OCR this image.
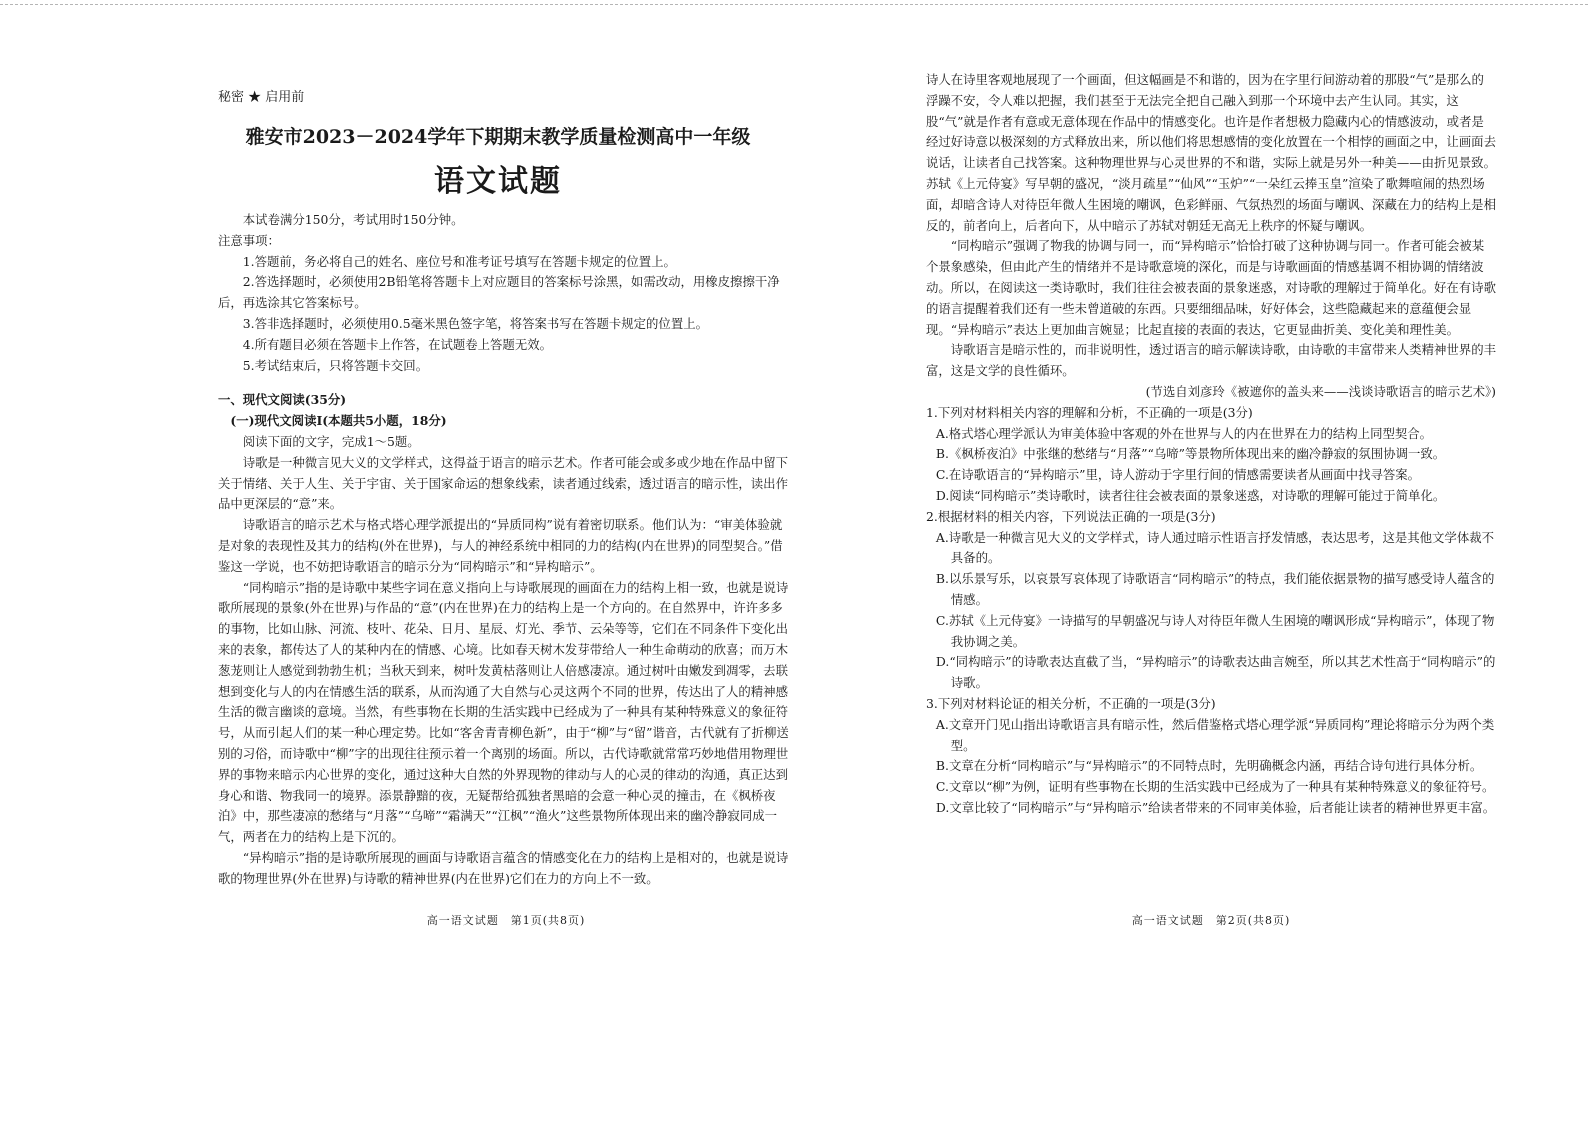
秘密 ★ 启用前
雅安市2023－2024学年下期期末教学质量检测高中一年级
语文试题

本试卷满分150分，考试用时150分钟。

注意事项：

1.答题前，务必将自己的姓名、座位号和准考证号填写在答题卡规定的位置上。

2.答选择题时，必须使用2B铅笔将答题卡上对应题目的答案标号涂黑，如需改动，用橡皮擦擦干净后，再选涂其它答案标号。

3.答非选择题时，必须使用0.5毫米黑色签字笔，将答案书写在答题卡规定的位置上。

4.所有题目必须在答题卡上作答，在试题卷上答题无效。

5.考试结束后，只将答题卡交回。

一、现代文阅读(35分)

(一)现代文阅读Ⅰ(本题共5小题，18分)

阅读下面的文字，完成1～5题。

诗歌是一种微言见大义的文学样式，这得益于语言的暗示艺术。作者可能会或多或少地在作品中留下关于情绪、关于人生、关于宇宙、关于国家命运的想象线索，读者通过线索，透过语言的暗示性，读出作品中更深层的“意”来。

诗歌语言的暗示艺术与格式塔心理学派提出的“异质同构”说有着密切联系。他们认为：“审美体验就是对象的表现性及其力的结构(外在世界)，与人的神经系统中相同的力的结构(内在世界)的同型契合。”借鉴这一学说，也不妨把诗歌语言的暗示分为“同构暗示”和“异构暗示”。

“同构暗示”指的是诗歌中某些字词在意义指向上与诗歌展现的画面在力的结构上相一致，也就是说诗歌所展现的景象(外在世界)与作品的“意”(内在世界)在力的结构上是一个方向的。在自然界中，许许多多的事物，比如山脉、河流、枝叶、花朵、日月、星辰、灯光、季节、云朵等等，它们在不同条件下变化出来的表象，都传达了人的某种内在的情感、心境。比如春天树木发芽带给人一种生命萌动的欣喜；而万木葱茏则让人感觉到勃勃生机；当秋天到来，树叶发黄枯落则让人倍感凄凉。通过树叶由嫩发到凋零，去联想到变化与人的内在情感生活的联系，从而沟通了大自然与心灵这两个不同的世界，传达出了人的精神感生活的微言幽谈的意境。当然，有些事物在长期的生活实践中已经成为了一种具有某种特殊意义的象征符号，从而引起人们的某一种心理定势。比如“客舍青青柳色新”，由于“柳”与“留”谐音，古代就有了折柳送别的习俗，而诗歌中“柳”字的出现往往预示着一个离别的场面。所以，古代诗歌就常常巧妙地借用物理世界的事物来暗示内心世界的变化，通过这种大自然的外界现物的律动与人的心灵的律动的沟通，真正达到身心和谐、物我同一的境界。添景静黯的夜，无疑帮给孤独者黑暗的会意一种心灵的撞击，在《枫桥夜泊》中，那些凄凉的愁绪与“月落”“乌啼”“霜满天”“江枫”“渔火”这些景物所体现出来的幽冷静寂同成一气，两者在力的结构上是下沉的。

“异构暗示”指的是诗歌所展现的画面与诗歌语言蕴含的情感变化在力的结构上是相对的，也就是说诗歌的物理世界(外在世界)与诗歌的精神世界(内在世界)它们在力的方向上不一致。

高一语文试题　第1页(共8页)

诗人在诗里客观地展现了一个画面，但这幅画是不和谐的，因为在字里行间游动着的那股“气”是那么的浮躁不安，令人难以把握，我们甚至于无法完全把自己融入到那一个环境中去产生认同。其实，这股“气”就是作者有意或无意体现在作品中的情感变化。也许是作者想极力隐藏内心的情感波动，或者是经过好诗意以极深刻的方式释放出来，所以他们将思想感情的变化放置在一个相悖的画面之中，让画面去说话，让读者自己找答案。这种物理世界与心灵世界的不和谐，实际上就是另外一种美——由折见景致。苏轼《上元侍宴》写早朝的盛况，“淡月疏星”“仙风”“玉炉”“一朵红云捧玉皇”渲染了歌舞喧闹的热烈场面，却暗含诗人对待臣年微人生困境的嘲讽，色彩鲜丽、气氛热烈的场面与嘲讽、深藏在力的结构上是相反的，前者向上，后者向下，从中暗示了苏轼对朝廷无高无上秩序的怀疑与嘲讽。

“同构暗示”强调了物我的协调与同一，而“异构暗示”恰恰打破了这种协调与同一。作者可能会被某个景象感染，但由此产生的情绪并不是诗歌意境的深化，而是与诗歌画面的情感基调不相协调的情绪波动。所以，在阅读这一类诗歌时，我们往往会被表面的景象迷惑，对诗歌的理解过于简单化。好在有诗歌的语言提醒着我们还有一些未曾道破的东西。只要细细品味，好好体会，这些隐藏起来的意蕴便会显现。“异构暗示”表达上更加曲言婉显；比起直接的表面的表达，它更显曲折美、变化美和理性美。

诗歌语言是暗示性的，而非说明性，透过语言的暗示解读诗歌，由诗歌的丰富带来人类精神世界的丰富，这是文学的良性循环。

(节选自刘彦玲《被遮你的盖头来——浅谈诗歌语言的暗示艺术》)

1.下列对材料相关内容的理解和分析，不正确的一项是(3分)

A.格式塔心理学派认为审美体验中客观的外在世界与人的内在世界在力的结构上同型契合。

B.《枫桥夜泊》中张继的愁绪与“月落”“乌啼”等景物所体现出来的幽冷静寂的氛围协调一致。

C.在诗歌语言的“异构暗示”里，诗人游动于字里行间的情感需要读者从画面中找寻答案。

D.阅读“同构暗示”类诗歌时，读者往往会被表面的景象迷惑，对诗歌的理解可能过于简单化。

2.根据材料的相关内容，下列说法正确的一项是(3分)

A.诗歌是一种微言见大义的文学样式，诗人通过暗示性语言抒发情感，表达思考，这是其他文学体裁不具备的。

B.以乐景写乐，以哀景写哀体现了诗歌语言“同构暗示”的特点，我们能依据景物的描写感受诗人蕴含的情感。

C.苏轼《上元侍宴》一诗描写的早朝盛况与诗人对待臣年微人生困境的嘲讽形成“异构暗示”，体现了物我协调之美。

D.“同构暗示”的诗歌表达直截了当，“异构暗示”的诗歌表达曲言婉至，所以其艺术性高于“同构暗示”的诗歌。

3.下列对材料论证的相关分析，不正确的一项是(3分)

A.文章开门见山指出诗歌语言具有暗示性，然后借鉴格式塔心理学派“异质同构”理论将暗示分为两个类型。

B.文章在分析“同构暗示”与“异构暗示”的不同特点时，先明确概念内涵，再结合诗句进行具体分析。

C.文章以“柳”为例，证明有些事物在长期的生活实践中已经成为了一种具有某种特殊意义的象征符号。

D.文章比较了“同构暗示”与“异构暗示”给读者带来的不同审美体验，后者能让读者的精神世界更丰富。

高一语文试题　第2页(共8页)
